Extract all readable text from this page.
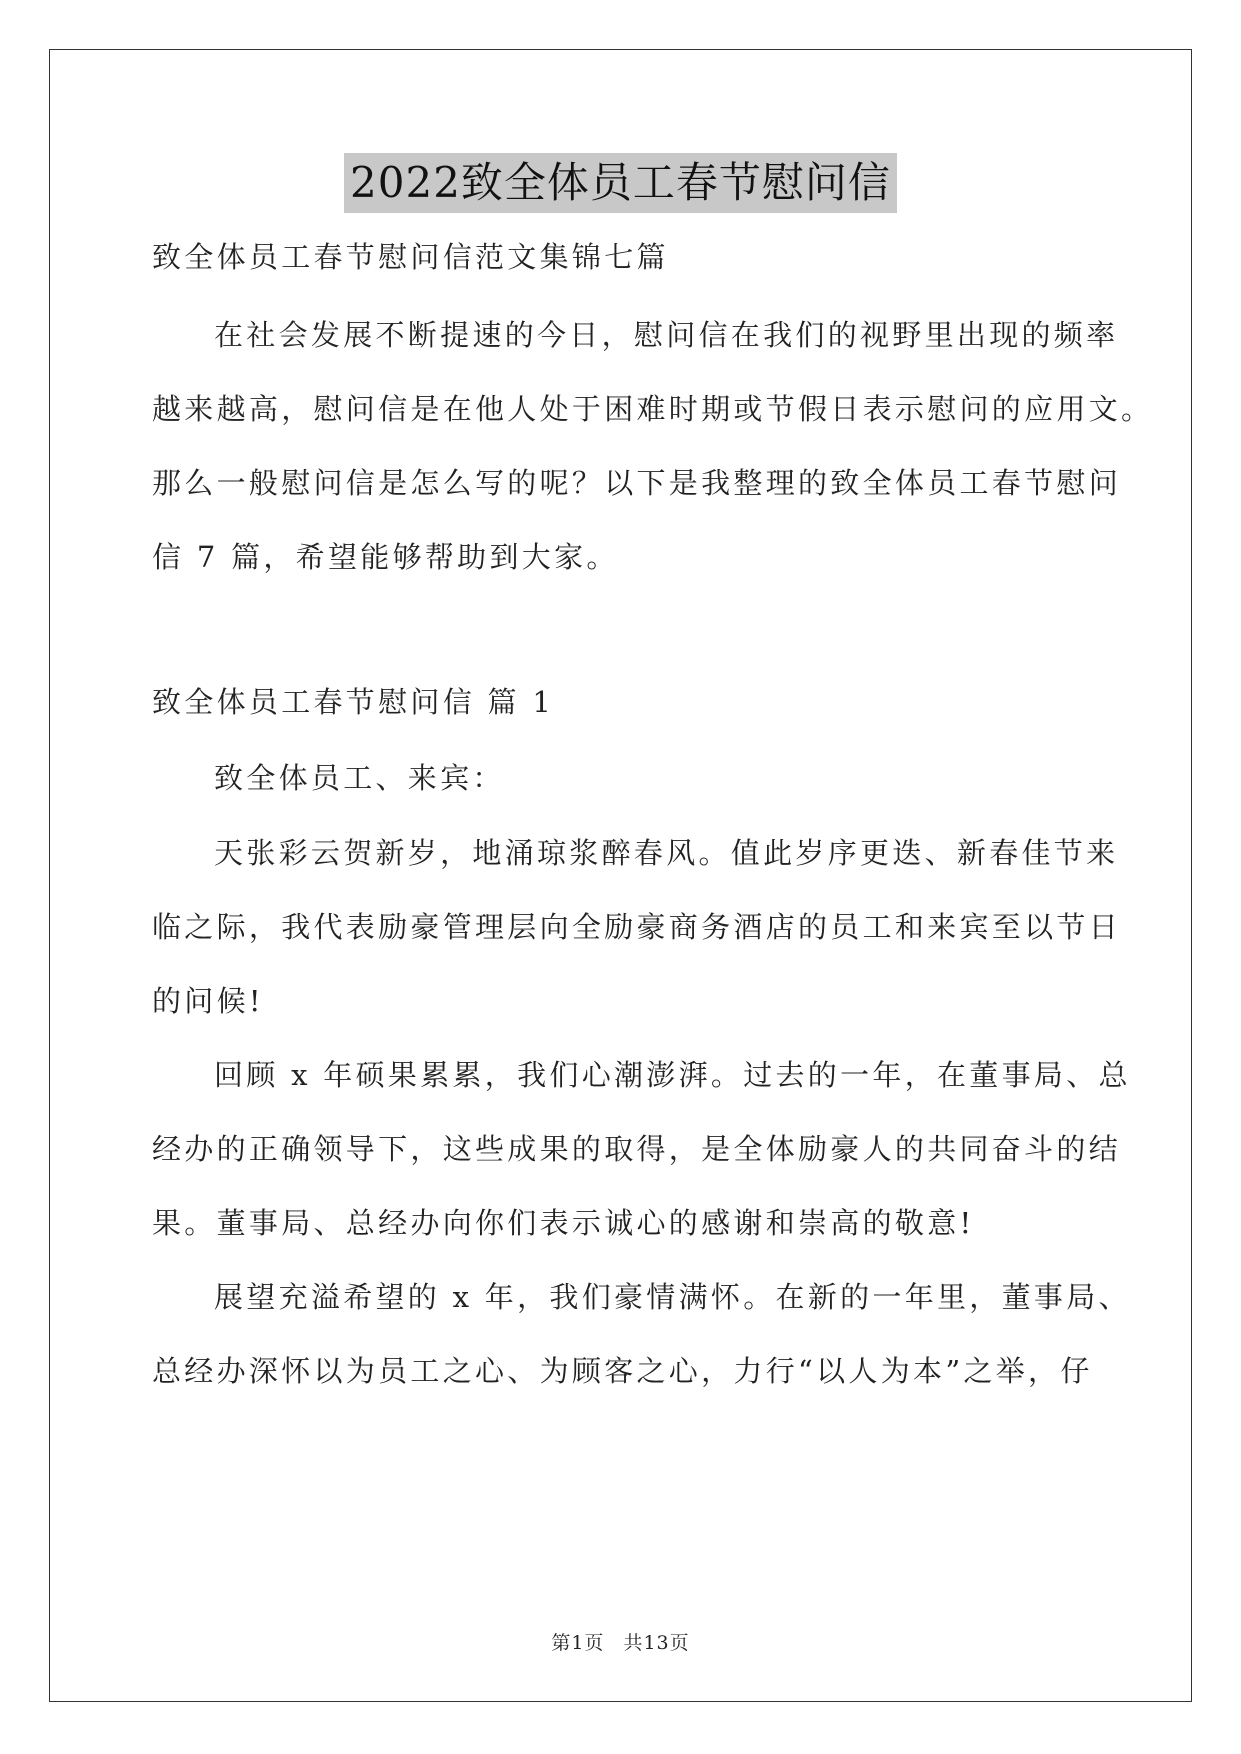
2022致全体员工春节慰问信
致全体员工春节慰问信范文集锦七篇
在社会发展不断提速的今日，慰问信在我们的视野里出现的频率
越来越高，慰问信是在他人处于困难时期或节假日表示慰问的应用文。
那么一般慰问信是怎么写的呢？以下是我整理的致全体员工春节慰问
信 7 篇，希望能够帮助到大家。
致全体员工春节慰问信 篇 1
致全体员工、来宾：
天张彩云贺新岁，地涌琼浆醉春风。值此岁序更迭、新春佳节来
临之际，我代表励豪管理层向全励豪商务酒店的员工和来宾至以节日
的问候!
回顾 x 年硕果累累，我们心潮澎湃。过去的一年，在董事局、总
经办的正确领导下，这些成果的取得，是全体励豪人的共同奋斗的结
果。董事局、总经办向你们表示诚心的感谢和崇高的敬意!
展望充溢希望的 x 年，我们豪情满怀。在新的一年里，董事局、
总经办深怀以为员工之心、为顾客之心，力行“以人为本”之举，仔
第1页 共13页
